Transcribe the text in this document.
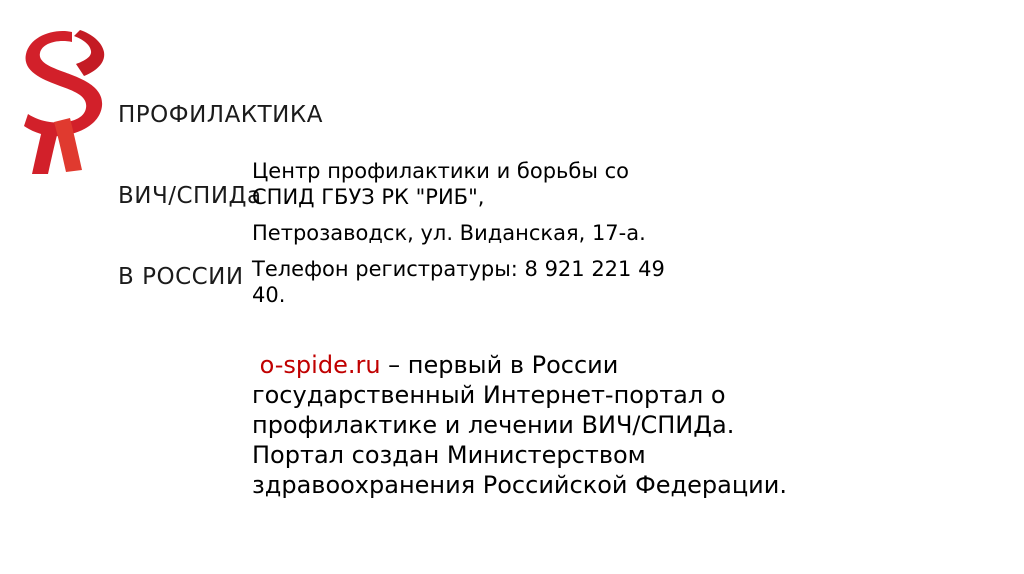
ПРОФИЛАКТИКА

ВИЧ/СПИДа

В РОССИИ

Центр профилактики и борьбы со
СПИД ГБУЗ РК "РИБ",

Петрозаводск, ул. Виданская, 17-а.

Телефон регистратуры: 8 921 221 49
40.

o-spide.ru – первый в России государственный Интернет-портал о профилактике и лечении ВИЧ/СПИДа. Портал создан Министерством здравоохранения Российской Федерации.
